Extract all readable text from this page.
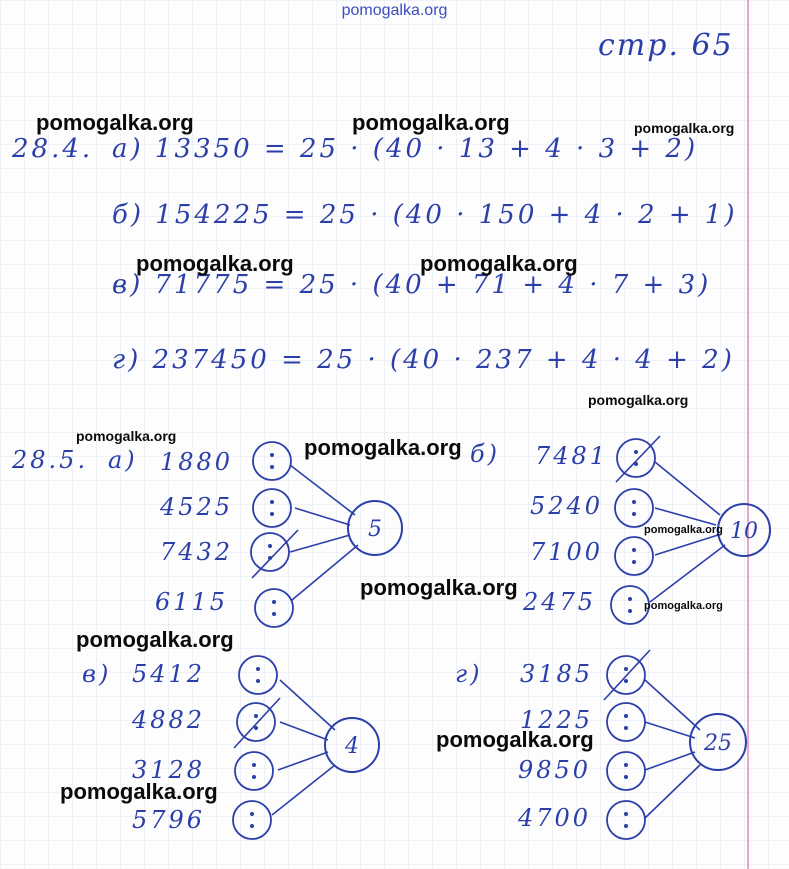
pomogalka.org
стр. 65
28.4. а) 13350 = 25 · (40 · 13 + 4 · 3 + 2)
б) 154225 = 25 · (40 · 150 + 4 · 2 + 1)
в) 71775 = 25 · (40 + 71 + 4 · 7 + 3)
г) 237450 = 25 · (40 · 237 + 4 · 4 + 2)
28.5. а)	б)
в)	г)
1880
4525
7432
6115
7481
5240
7100
2475
5412
4882
3128
5796
3185
1225
9850
4700
5	10
4	25
pomogalka.org	pomogalka.org	pomogalka.org
pomogalka.org	pomogalka.org
pomogalka.org
pomogalka.org	pomogalka.org
pomogalka.org
pomogalka.org
pomogalka.org
pomogalka.org
pomogalka.org
pomogalka.org
